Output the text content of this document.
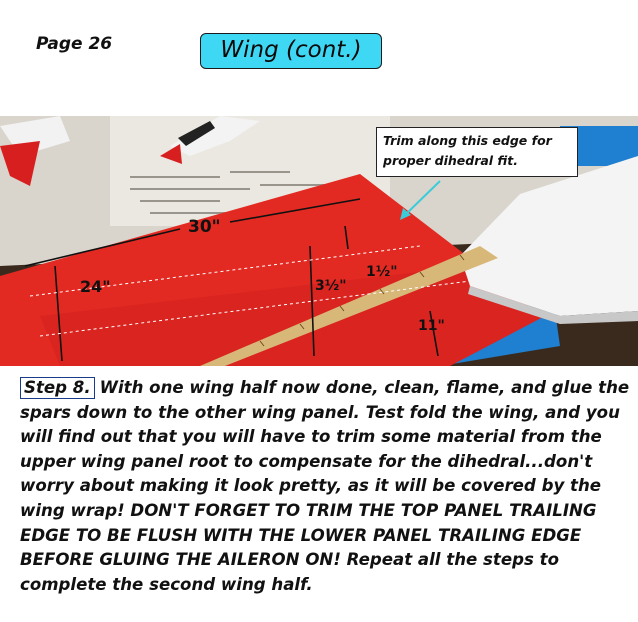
Page 26	Wing (cont.)
30"
24"	3½"
1½"
11"
Trim along this edge for
proper dihedral fit.
Step 8. With one wing half now done, clean, flame, and glue the spars down to the other wing panel. Test fold the wing, and you will find out that you will have to trim some material from the upper wing panel root to compensate for the dihedral...don't worry about making it look pretty, as it will be covered by the wing wrap! DON'T FORGET TO TRIM THE TOP PANEL TRAILING EDGE TO BE FLUSH WITH THE LOWER PANEL TRAILING EDGE BEFORE GLUING THE AILERON ON! Repeat all the steps to complete the second wing half.
